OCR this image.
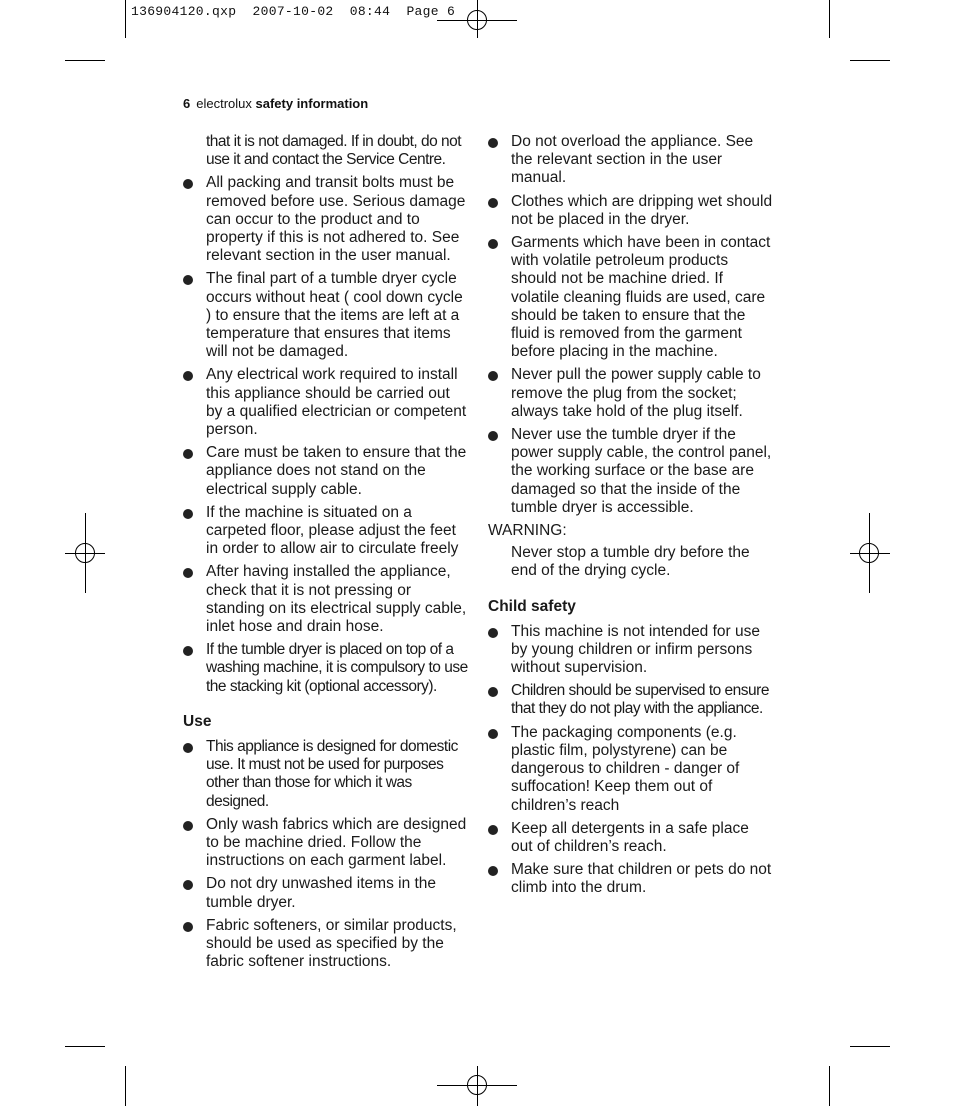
136904120.qxp  2007-10-02  08:44  Page 6
6 electrolux safety information
that it is not damaged. If in doubt, do not use it and contact the Service Centre.
All packing and transit bolts must be removed before use. Serious damage can occur to the product and to property if this is not adhered to. See relevant section in the user manual.
The final part of a tumble dryer cycle occurs without heat ( cool down cycle ) to ensure that the items are left at a temperature that ensures that items will not be damaged.
Any electrical work required to install this appliance should be carried out by a qualified electrician or competent person.
Care must be taken to ensure that the appliance does not stand on the electrical supply cable.
If the machine is situated on a carpeted floor, please adjust the feet in order to allow air to circulate freely
After having installed the appliance, check that it is not pressing or standing on its electrical supply cable, inlet hose and drain hose.
If the tumble dryer is placed on top of a washing machine, it is compulsory to use the stacking kit (optional accessory).
Use
This appliance is designed for domestic use. It must not be used for purposes other than those for which it was designed.
Only wash fabrics which are designed to be machine dried. Follow the instructions on each garment label.
Do not dry unwashed items in the tumble dryer.
Fabric softeners, or similar products, should be used as specified by the fabric softener instructions.
Do not overload the appliance. See the relevant section in the user manual.
Clothes which are dripping wet should not be placed in the dryer.
Garments which have been in contact with volatile petroleum products should not be machine dried. If volatile cleaning fluids are used, care should be taken to ensure that the fluid is removed from the garment before placing in the machine.
Never pull the power supply cable to remove the plug from the socket; always take hold of the plug itself.
Never use the tumble dryer if the power supply cable, the control panel, the working surface or the base are damaged so that the inside of the tumble dryer is accessible.
WARNING:
Never stop a tumble dry before the end of the drying cycle.
Child safety
This machine is not intended for use by young children or infirm persons without supervision.
Children should be supervised to ensure that they do not play with the appliance.
The packaging components (e.g. plastic film, polystyrene) can be dangerous to children - danger of suffocation! Keep them out of children’s reach
Keep all detergents in a safe place out of children’s reach.
Make sure that children or pets do not climb into the drum.
